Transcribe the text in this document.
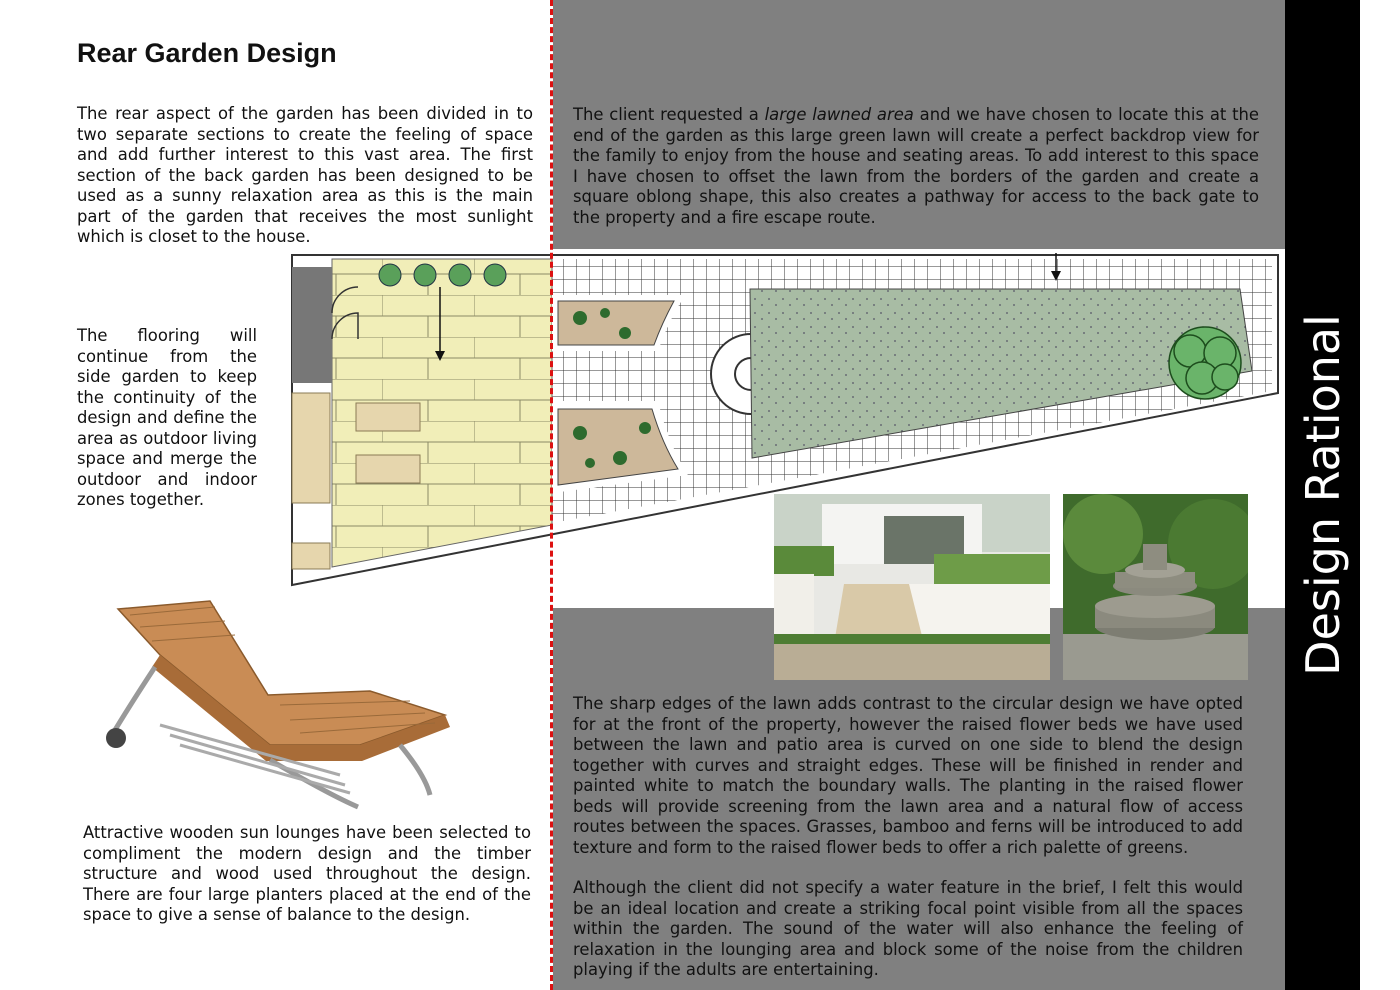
Design Rational
Rear Garden Design

The rear aspect of the garden has been divided in to two separate sections to create the feeling of space and add further interest to this vast area. The first section of the back garden has been designed to be used as a sunny relaxation area as this is the main part of the garden that receives the most sunlight which is closet to the house.

The flooring will continue from the side garden to keep the continuity of the design and define the area as outdoor living space and merge the outdoor and indoor zones together.

The client requested a large lawned area and we have chosen to locate this at the end of the garden as this large green lawn will create a perfect backdrop view for the family to enjoy from the house and seating areas. To add interest to this space I have chosen to offset the lawn from the borders of the garden and create a square oblong shape, this also creates a pathway for access to the back gate to the property and a fire escape route.

Attractive wooden sun lounges have been selected to compliment the modern design and the timber structure and wood used throughout the design. There are four large planters placed at the end of the space to give a sense of balance to the design.

The sharp edges of the lawn adds contrast to the circular design we have opted for at the front of the property, however the raised flower beds we have used between the lawn and patio area is curved on one side to blend the design together with curves and straight edges. These will be finished in render and painted white to match the boundary walls. The planting in the raised flower beds will provide screening from the lawn area and a natural flow of access routes between the spaces. Grasses, bamboo and ferns will be introduced to add texture and form to the raised flower beds to offer a rich palette of greens.

Although the client did not specify a water feature in the brief, I felt this would be an ideal location and create a striking focal point visible from all the spaces within the garden. The sound of the water will also enhance the feeling of relaxation in the lounging area and block some of the noise from the children playing if the adults are entertaining.
